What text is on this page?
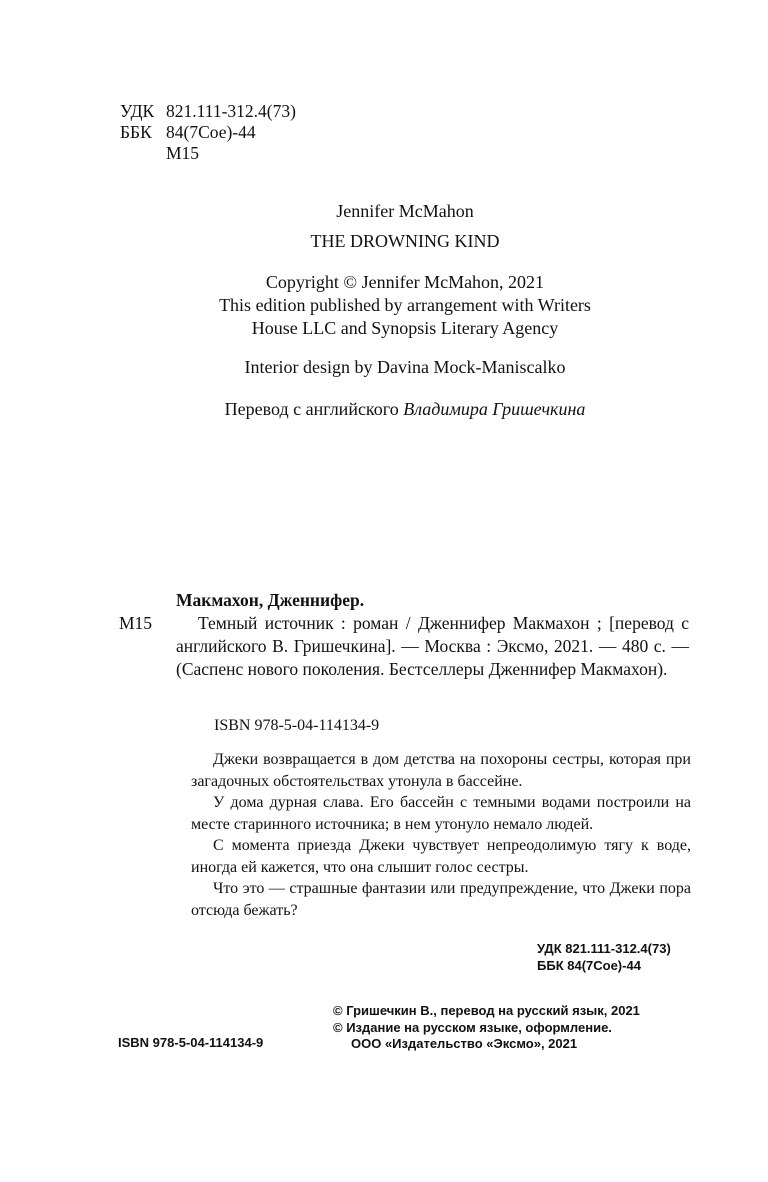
УДК 821.111-312.4(73)
ББК 84(7Сое)-44
М15
Jennifer McMahon
THE DROWNING KIND
Copyright © Jennifer McMahon, 2021
This edition published by arrangement with Writers
House LLC and Synopsis Literary Agency
Interior design by Davina Mock-Maniscalko
Перевод с английского Владимира Гришечкина
М15
Макмахон, Дженнифер.
Темный источник : роман / Дженнифер Макмахон ; [перевод с английского В. Гришечкина]. — Москва : Эксмо, 2021. — 480 с. — (Саспенс нового поколения. Бестселлеры Дженнифер Макмахон).
ISBN 978-5-04-114134-9

Джеки возвращается в дом детства на похороны сестры, которая при загадочных обстоятельствах утонула в бассейне.

У дома дурная слава. Его бассейн с темными водами построили на месте старинного источника; в нем утонуло немало людей.

С момента приезда Джеки чувствует непреодолимую тягу к воде, иногда ей кажется, что она слышит голос сестры.

Что это — страшные фантазии или предупреждение, что Джеки пора отсюда бежать?

УДК 821.111-312.4(73)
ББК 84(7Сое)-44
© Гришечкин В., перевод на русский язык, 2021
© Издание на русском языке, оформление.
ООО «Издательство «Эксмо», 2021
ISBN 978-5-04-114134-9
